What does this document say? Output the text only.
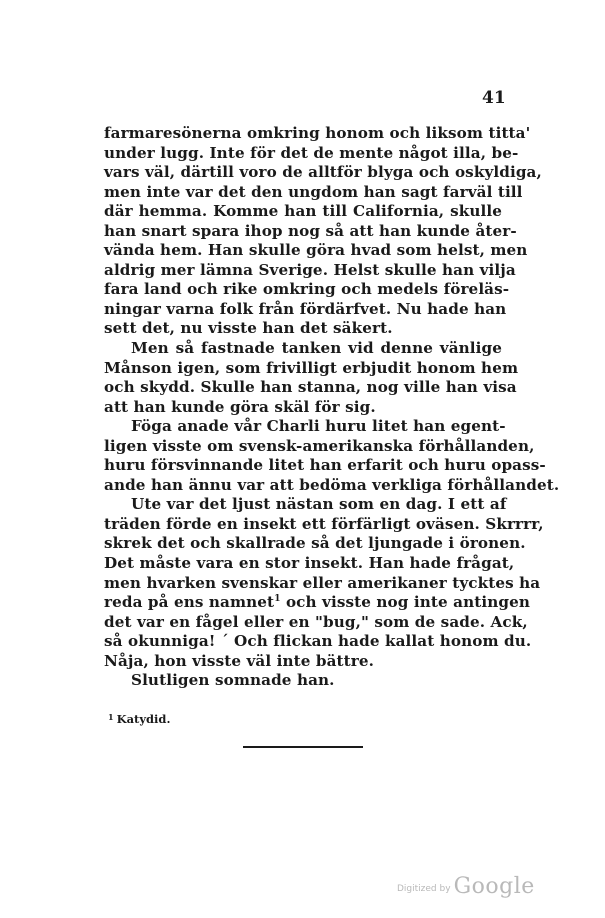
41
farmaresönerna omkring honom och liksom titta'
under lugg. Inte för det de mente något illa, be-
vars väl, därtill voro de alltför blyga och oskyldiga,
men inte var det den ungdom han sagt farväl till
där hemma. Komme han till California, skulle
han snart spara ihop nog så att han kunde åter-
vända hem. Han skulle göra hvad som helst, men
aldrig mer lämna Sverige. Helst skulle han vilja
fara land och rike omkring och medels föreläs-
ningar varna folk från fördärfvet. Nu hade han
sett det, nu visste han det säkert.
Men så fastnade tanken vid denne vänlige
Månson igen, som frivilligt erbjudit honom hem
och skydd. Skulle han stanna, nog ville han visa
att han kunde göra skäl för sig.
Föga anade vår Charli huru litet han egent-
ligen visste om svensk-amerikanska förhållanden,
huru försvinnande litet han erfarit och huru opass-
ande han ännu var att bedöma verkliga förhållandet.
Ute var det ljust nästan som en dag. I ett af
träden förde en insekt ett förfärligt oväsen. Skrrrr,
skrek det och skallrade så det ljungade i öronen.
Det måste vara en stor insekt. Han hade frågat,
men hvarken svenskar eller amerikaner tycktes ha
reda på ens namnet$^1$ och visste nog inte antingen
det var en fågel eller en "bug," som de sade. Ack,
så okunniga! ´ Och flickan hade kallat honom du.
Nåja, hon visste väl inte bättre.
Slutligen somnade han.
$^1$ Katydid.
Digitized by Google
